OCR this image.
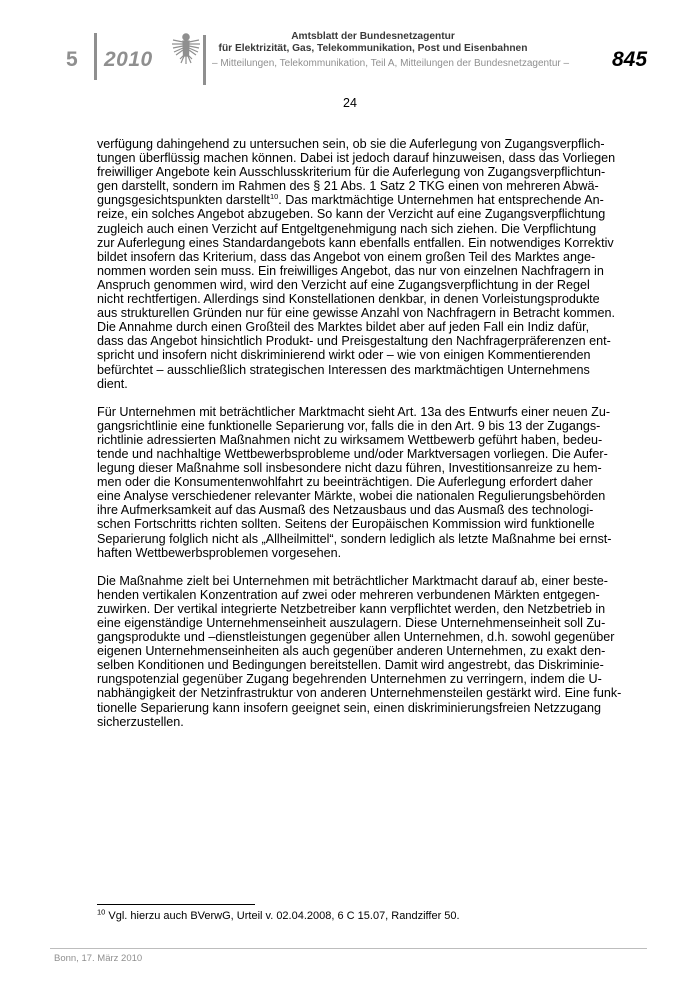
5 2010
Amtsblatt der Bundesnetzagentur
für Elektrizität, Gas, Telekommunikation, Post und Eisenbahnen
– Mitteilungen, Telekommunikation, Teil A, Mitteilungen der Bundesnetzagentur – 845
24

verfügung dahingehend zu untersuchen sein, ob sie die Auferlegung von Zugangsverpflich-
tungen überflüssig machen können. Dabei ist jedoch darauf hinzuweisen, dass das Vorliegen
freiwilliger Angebote kein Ausschlusskriterium für die Auferlegung von Zugangsverpflichtun-
gen darstellt, sondern im Rahmen des § 21 Abs. 1 Satz 2 TKG einen von mehreren Abwä-
gungsgesichtspunkten darstellt$^{10}$. Das marktmächtige Unternehmen hat entsprechende An-
reize, ein solches Angebot abzugeben. So kann der Verzicht auf eine Zugangsverpflichtung
zugleich auch einen Verzicht auf Entgeltgenehmigung nach sich ziehen. Die Verpflichtung
zur Auferlegung eines Standardangebots kann ebenfalls entfallen. Ein notwendiges Korrektiv
bildet insofern das Kriterium, dass das Angebot von einem großen Teil des Marktes ange-
nommen worden sein muss. Ein freiwilliges Angebot, das nur von einzelnen Nachfragern in
Anspruch genommen wird, wird den Verzicht auf eine Zugangsverpflichtung in der Regel
nicht rechtfertigen. Allerdings sind Konstellationen denkbar, in denen Vorleistungsprodukte
aus strukturellen Gründen nur für eine gewisse Anzahl von Nachfragern in Betracht kommen.
Die Annahme durch einen Großteil des Marktes bildet aber auf jeden Fall ein Indiz dafür,
dass das Angebot hinsichtlich Produkt- und Preisgestaltung den Nachfragerpräferenzen ent-
spricht und insofern nicht diskriminierend wirkt oder – wie von einigen Kommentierenden
befürchtet – ausschließlich strategischen Interessen des marktmächtigen Unternehmens
dient.

Für Unternehmen mit beträchtlicher Marktmacht sieht Art. 13a des Entwurfs einer neuen Zu-
gangsrichtlinie eine funktionelle Separierung vor, falls die in den Art. 9 bis 13 der Zugangs-
richtlinie adressierten Maßnahmen nicht zu wirksamem Wettbewerb geführt haben, bedeu-
tende und nachhaltige Wettbewerbsprobleme und/oder Marktversagen vorliegen. Die Aufer-
legung dieser Maßnahme soll insbesondere nicht dazu führen, Investitionsanreize zu hem-
men oder die Konsumentenwohlfahrt zu beeinträchtigen. Die Auferlegung erfordert daher
eine Analyse verschiedener relevanter Märkte, wobei die nationalen Regulierungsbehörden
ihre Aufmerksamkeit auf das Ausmaß des Netzausbaus und das Ausmaß des technologi-
schen Fortschritts richten sollten. Seitens der Europäischen Kommission wird funktionelle
Separierung folglich nicht als „Allheilmittel“, sondern lediglich als letzte Maßnahme bei ernst-
haften Wettbewerbsproblemen vorgesehen.

Die Maßnahme zielt bei Unternehmen mit beträchtlicher Marktmacht darauf ab, einer beste-
henden vertikalen Konzentration auf zwei oder mehreren verbundenen Märkten entgegen-
zuwirken. Der vertikal integrierte Netzbetreiber kann verpflichtet werden, den Netzbetrieb in
eine eigenständige Unternehmenseinheit auszulagern. Diese Unternehmenseinheit soll Zu-
gangsprodukte und –dienstleistungen gegenüber allen Unternehmen, d.h. sowohl gegenüber
eigenen Unternehmenseinheiten als auch gegenüber anderen Unternehmen, zu exakt den-
selben Konditionen und Bedingungen bereitstellen. Damit wird angestrebt, das Diskriminie-
rungspotenzial gegenüber Zugang begehrenden Unternehmen zu verringern, indem die U-
nabhängigkeit der Netzinfrastruktur von anderen Unternehmensteilen gestärkt wird. Eine funk-
tionelle Separierung kann insofern geeignet sein, einen diskriminierungsfreien Netzzugang
sicherzustellen.

$^{10}$ Vgl. hierzu auch BVerwG, Urteil v. 02.04.2008, 6 C 15.07, Randziffer 50.
Bonn, 17. März 2010
